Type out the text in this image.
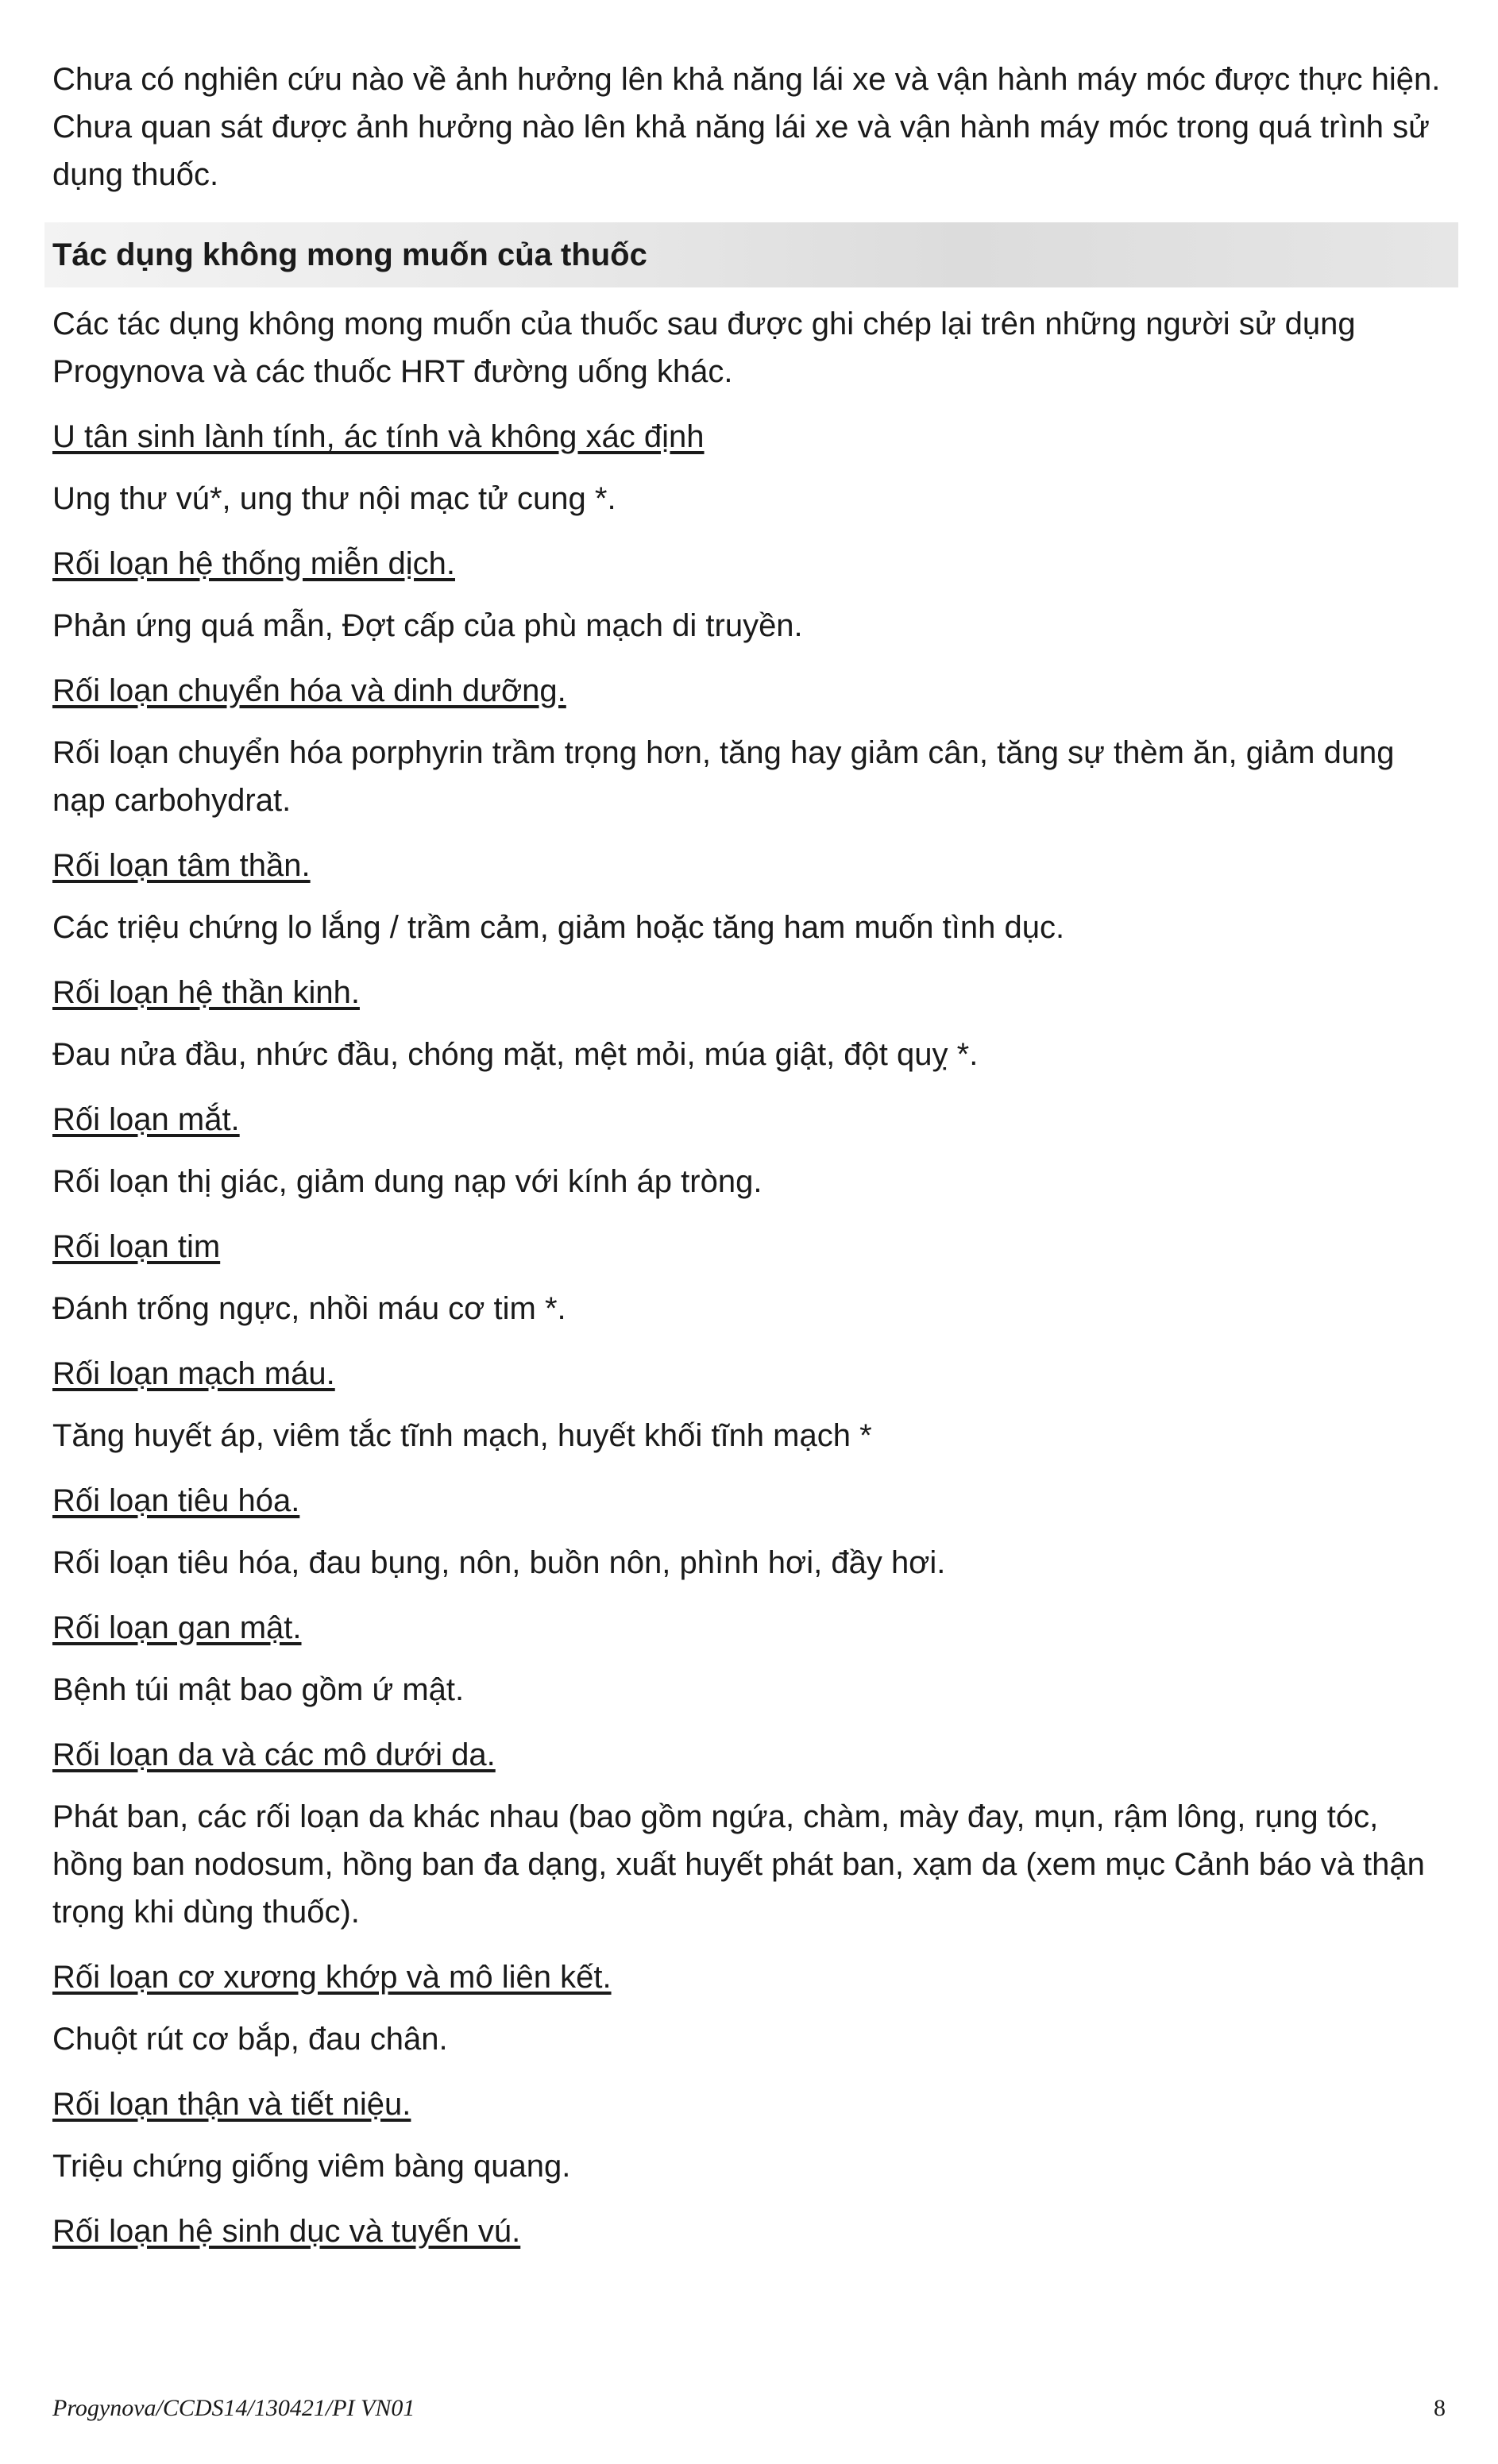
Chưa có nghiên cứu nào về ảnh hưởng lên khả năng lái xe và vận hành máy móc được thực hiện. Chưa quan sát được ảnh hưởng nào lên khả năng lái xe và vận hành máy móc trong quá trình sử dụng thuốc.

Tác dụng không mong muốn của thuốc

Các tác dụng không mong muốn của thuốc sau được ghi chép lại trên những người sử dụng Progynova và các thuốc HRT đường uống khác.

U tân sinh lành tính, ác tính và không xác định

Ung thư vú*, ung thư nội mạc tử cung *.

Rối loạn hệ thống miễn dịch.

Phản ứng quá mẫn, Đợt cấp của phù mạch di truyền.

Rối loạn chuyển hóa và dinh dưỡng.

Rối loạn chuyển hóa porphyrin trầm trọng hơn, tăng hay giảm cân, tăng sự thèm ăn, giảm dung nạp carbohydrat.

Rối loạn tâm thần.

Các triệu chứng lo lắng / trầm cảm, giảm hoặc tăng ham muốn tình dục.

Rối loạn hệ thần kinh.

Đau nửa đầu, nhức đầu, chóng mặt, mệt mỏi, múa giật, đột quỵ *.

Rối loạn mắt.

Rối loạn thị giác, giảm dung nạp với kính áp tròng.

Rối loạn tim

Đánh trống ngực, nhồi máu cơ tim *.

Rối loạn mạch máu.

Tăng huyết áp, viêm tắc tĩnh mạch, huyết khối tĩnh mạch *

Rối loạn tiêu hóa.

Rối loạn tiêu hóa, đau bụng, nôn, buồn nôn, phình hơi, đầy hơi.

Rối loạn gan mật.

Bệnh túi mật bao gồm ứ mật.

Rối loạn da và các mô dưới da.

Phát ban, các rối loạn da khác nhau (bao gồm ngứa, chàm, mày đay, mụn, rậm lông, rụng tóc, hồng ban nodosum, hồng ban đa dạng, xuất huyết phát ban, xạm da (xem mục Cảnh báo và thận trọng khi dùng thuốc).

Rối loạn cơ xương khớp và mô liên kết.

Chuột rút cơ bắp, đau chân.

Rối loạn thận và tiết niệu.

Triệu chứng giống viêm bàng quang.

Rối loạn hệ sinh dục và tuyến vú.

Progynova/CCDS14/130421/PI VN01	8
